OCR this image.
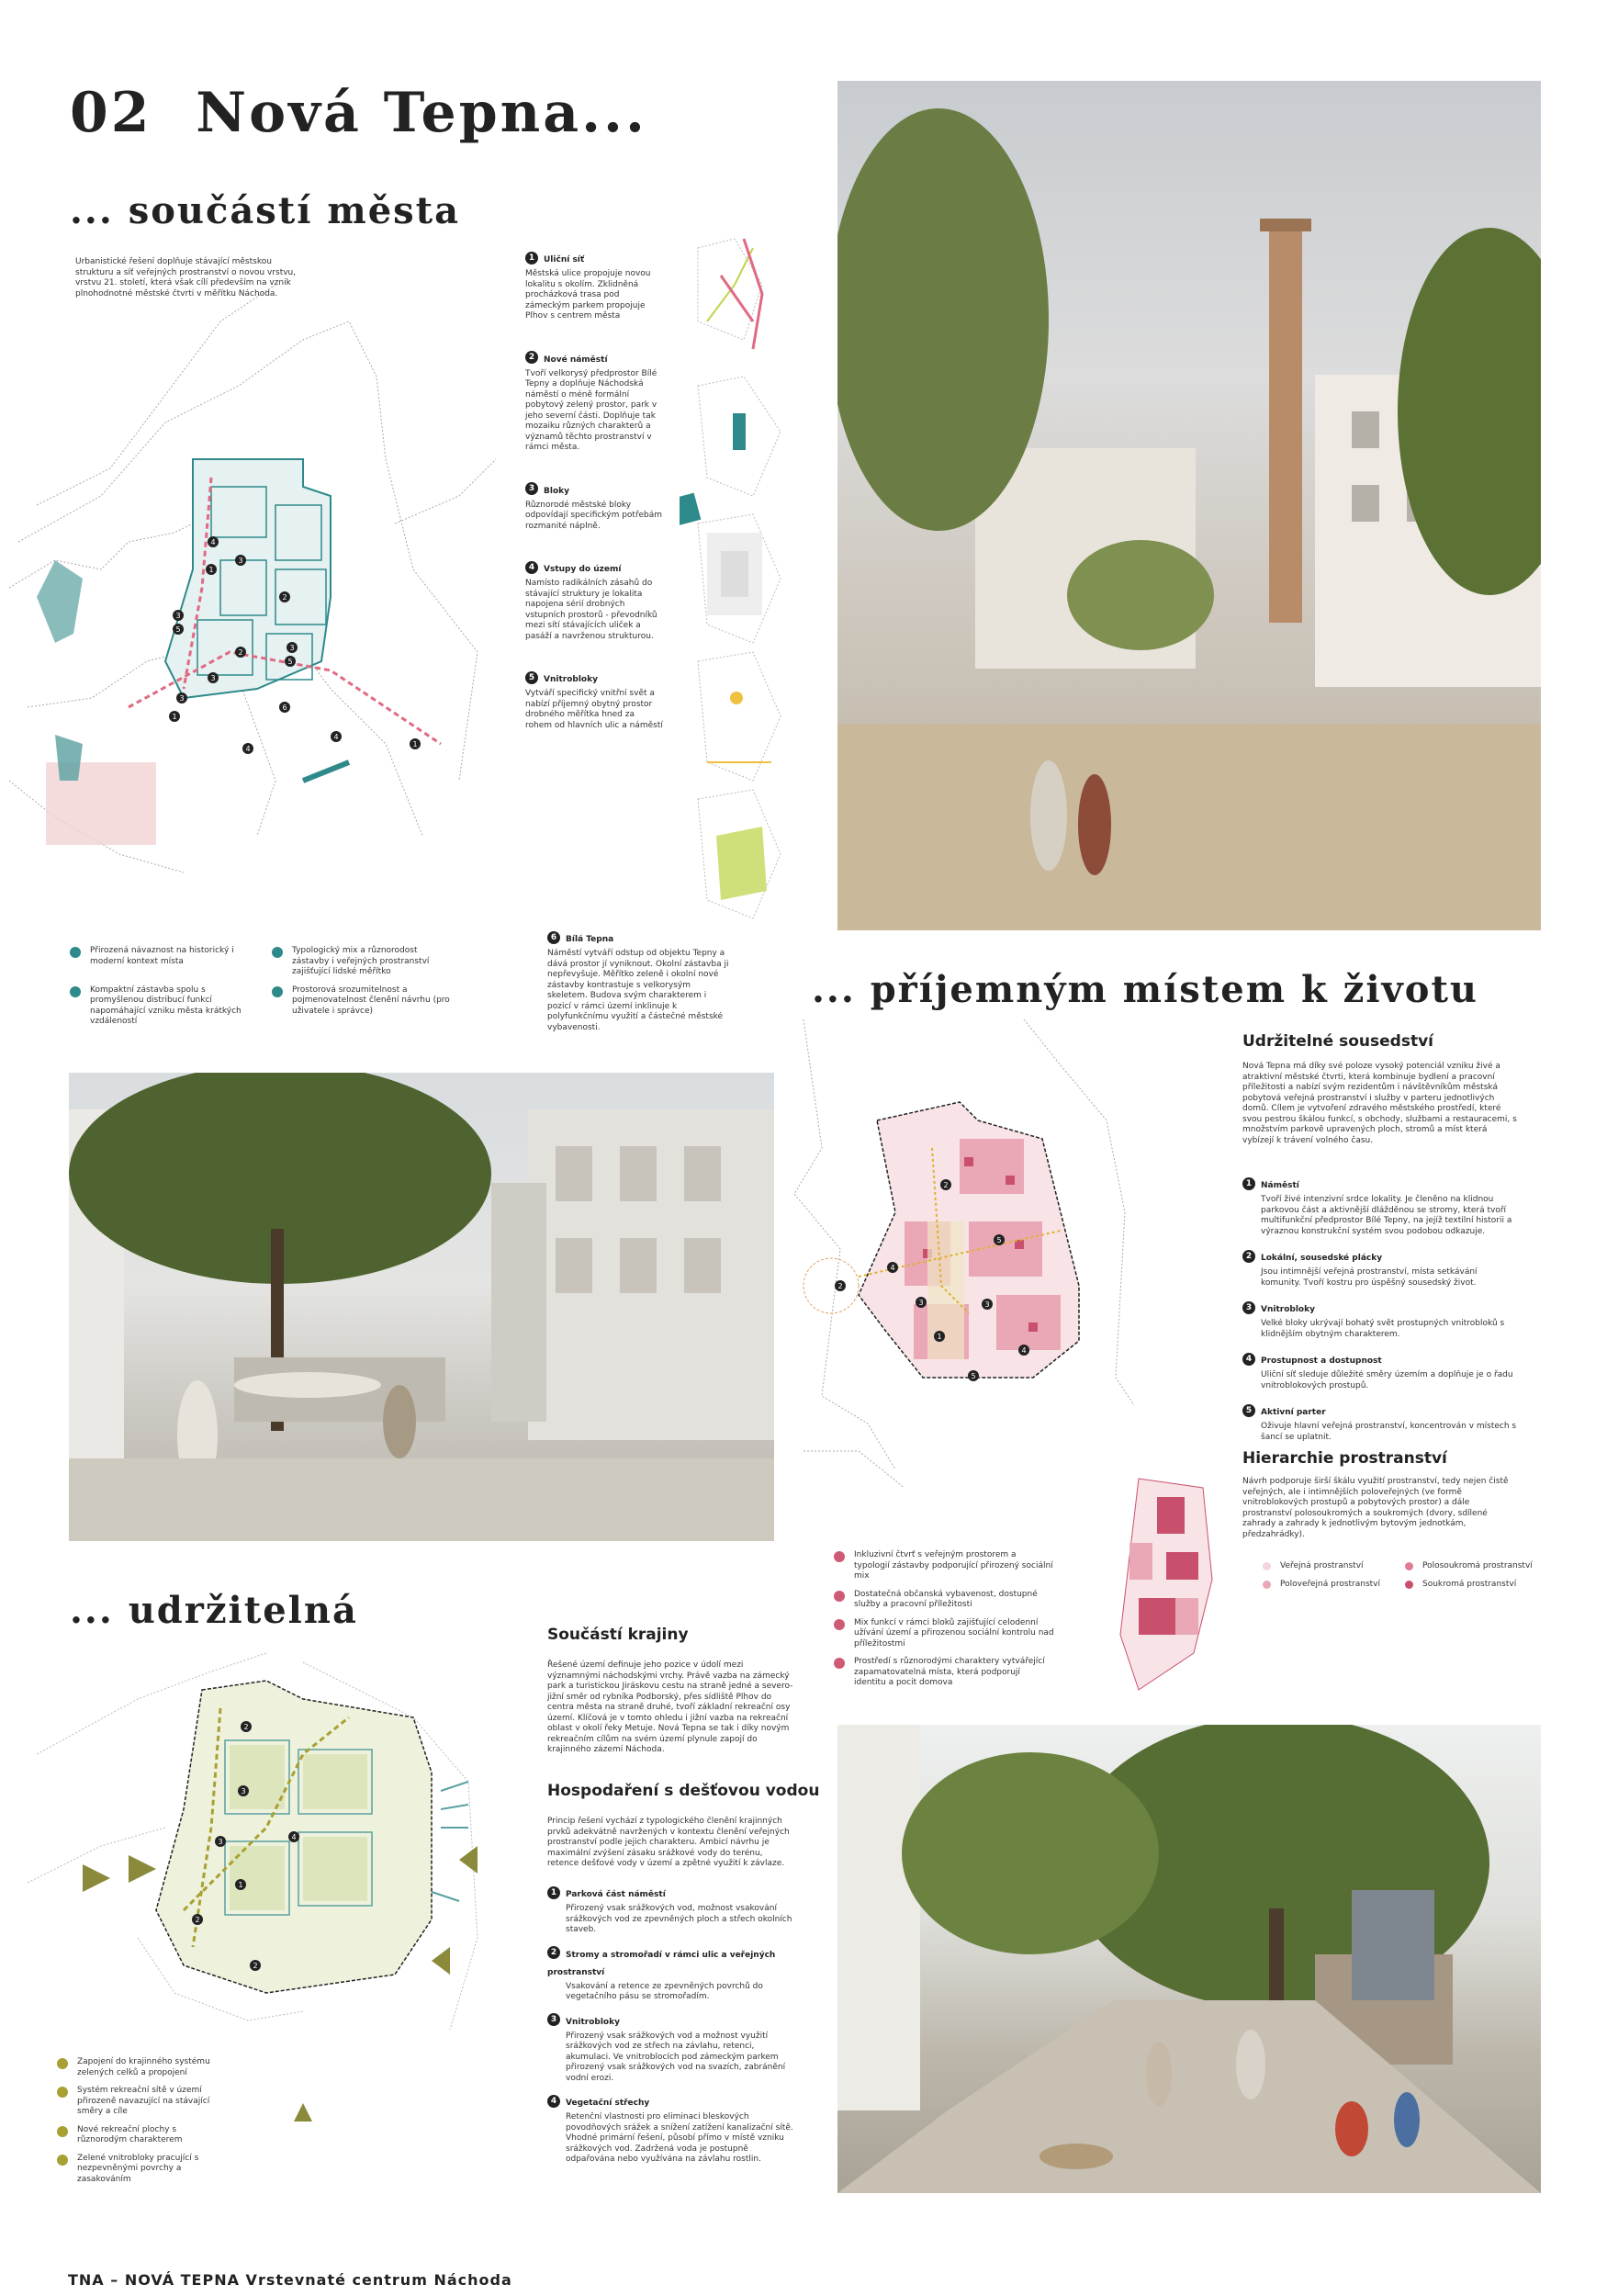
02 Nová Tepna...
... součástí města
Urbanistické řešení doplňuje stávající městskou strukturu a síť veřejných prostranství o novou vrstvu, vrstvu 21. století, která však cílí především na vznik plnohodnotné městské čtvrti v měřítku Náchoda.
4
1
3
2
3
5
2
3
5
3
6
3
1
4
1
4
1 Uliční síť
Městská ulice propojuje novou lokalitu s okolím. Zklidněná procházková trasa pod zámeckým parkem propojuje Plhov s centrem města
2 Nové náměstí
Tvoří velkorysý předprostor Bílé Tepny a doplňuje Náchodská náměstí o méně formální pobytový zelený prostor, park v jeho severní části. Doplňuje tak mozaiku různých charakterů a významů těchto prostranství v rámci města.
3 Bloky
Různorodé městské bloky odpovídají specifickým potřebám rozmanité náplně.
4 Vstupy do území
Namísto radikálních zásahů do stávající struktury je lokalita napojena sérií drobných vstupních prostorů - převodníků mezi sítí stávajících uliček a pasáží a navrženou strukturou.
5 Vnitrobloky
Vytváří specifický vnitřní svět a nabízí příjemný obytný prostor drobného měřítka hned za rohem od hlavních ulic a náměstí
6 Bílá Tepna
Náměstí vytváří odstup od objektu Tepny a dává prostor jí vyniknout. Okolní zástavba ji nepřevyšuje. Měřítko zeleně i okolní nové zástavby kontrastuje s velkorysým skeletem. Budova svým charakterem i pozicí v rámci území inklinuje k polyfunkčnímu využití a částečné městské vybavenosti.
Přirozená návaznost na historický i moderní kontext místa
Typologický mix a různorodost zástavby i veřejných prostranství zajišťující lidské měřítko
Kompaktní zástavba spolu s promyšlenou distribucí funkcí napomáhající vzniku města krátkých vzdáleností
Prostorová srozumitelnost a pojmenovatelnost členění návrhu (pro uživatele i správce)	... příjemným místem k životu
2
5
4
3
1
3
4
5
2
Udržitelné sousedství
Nová Tepna má díky své poloze vysoký potenciál vzniku živé a atraktivní městské čtvrti, která kombinuje bydlení a pracovní příležitosti a nabízí svým rezidentům i návštěvníkům městská pobytová veřejná prostranství i služby v parteru jednotlivých domů. Cílem je vytvoření zdravého městského prostředí, které svou pestrou škálou funkcí, s obchody, službami a restauracemi, s množstvím parkově upravených ploch, stromů a míst která vybízejí k trávení volného času.
1 Náměstí
Tvoří živé intenzivní srdce lokality. Je členěno na klidnou parkovou část a aktivnější dlážděnou se stromy, která tvoří multifunkční předprostor Bílé Tepny, na jejíž textilní historii a výraznou konstrukční systém svou podobou odkazuje.
2 Lokální, sousedské plácky
Jsou intimnější veřejná prostranství, místa setkávání komunity. Tvoří kostru pro úspěšný sousedský život.
3 Vnitrobloky
Velké bloky ukrývají bohatý svět prostupných vnitrobloků s klidnějším obytným charakterem.
4 Prostupnost a dostupnost
Uliční síť sleduje důležité směry územím a doplňuje je o řadu vnitroblokových prostupů.
5 Aktivní parter
Oživuje hlavní veřejná prostranství, koncentrován v místech s šancí se uplatnit.
Hierarchie prostranství
Návrh podporuje širší škálu využití prostranství, tedy nejen čistě veřejných, ale i intimnějších poloveřejných (ve formě vnitroblokových prostupů a pobytových prostor) a dále prostranství polosoukromých a soukromých (dvory, sdílené zahrady a zahrady k jednotlivým bytovým jednotkám, předzahrádky).
Veřejná prostranství	Polosoukromá prostranství
Poloveřejná prostranství	Soukromá prostranství
Inkluzivní čtvrť s veřejným prostorem a typologií zástavby podporující přirozený sociální mix
Dostatečná občanská vybavenost, dostupné služby a pracovní příležitosti
Mix funkcí v rámci bloků zajišťující celodenní užívání území a přirozenou sociální kontrolu nad příležitostmi
Prostředí s různorodými charaktery vytvářející zapamatovatelná místa, která podporují identitu a pocit domova
... udržitelná
2
3
3
4
1
2
2
Zapojení do krajinného systému zelených celků a propojení
Systém rekreační sítě v území přirozeně navazující na stávající směry a cíle
Nové rekreační plochy s různorodým charakterem
Zelené vnitrobloky pracující s nezpevněnými povrchy a zasakováním
Součástí krajiny
Řešené území definuje jeho pozice v údolí mezi významnými náchodskými vrchy. Právě vazba na zámecký park a turistickou Jiráskovu cestu na straně jedné a severo-jižní směr od rybníka Podborský, přes sídliště Plhov do centra města na straně druhé, tvoří základní rekreační osy území. Klíčová je v tomto ohledu i jižní vazba na rekreační oblast v okolí řeky Metuje. Nová Tepna se tak i díky novým rekreačním cílům na svém území plynule zapojí do krajinného zázemí Náchoda.
Hospodaření s dešťovou vodou
Princip řešení vychází z typologického členění krajinných prvků adekvátně navržených v kontextu členění veřejných prostranství podle jejich charakteru. Ambicí návrhu je maximální zvýšení zásaku srážkové vody do terénu, retence dešťové vody v území a zpětné využití k závlaze.
1 Parková část náměstí
Přirozený vsak srážkových vod, možnost vsakování srážkových vod ze zpevněných ploch a střech okolních staveb.
2 Stromy a stromořadí v rámci ulic a veřejných prostranství
Vsakování a retence ze zpevněných povrchů do vegetačního pásu se stromořadím.
3 Vnitrobloky
Přirozený vsak srážkových vod a možnost využití srážkových vod ze střech na závlahu, retenci, akumulaci. Ve vnitroblocích pod zámeckým parkem přirozený vsak srážkových vod na svazích, zabránění vodní erozi.
4 Vegetační střechy
Retenční vlastnosti pro eliminaci bleskových povodňových srážek a snížení zatížení kanalizační sítě. Vhodné primární řešení, působí přímo v místě vzniku srážkových vod. Zadržená voda je postupně odpařována nebo využívána na závlahu rostlin.
TNA – NOVÁ TEPNA Vrstevnaté centrum Náchoda
